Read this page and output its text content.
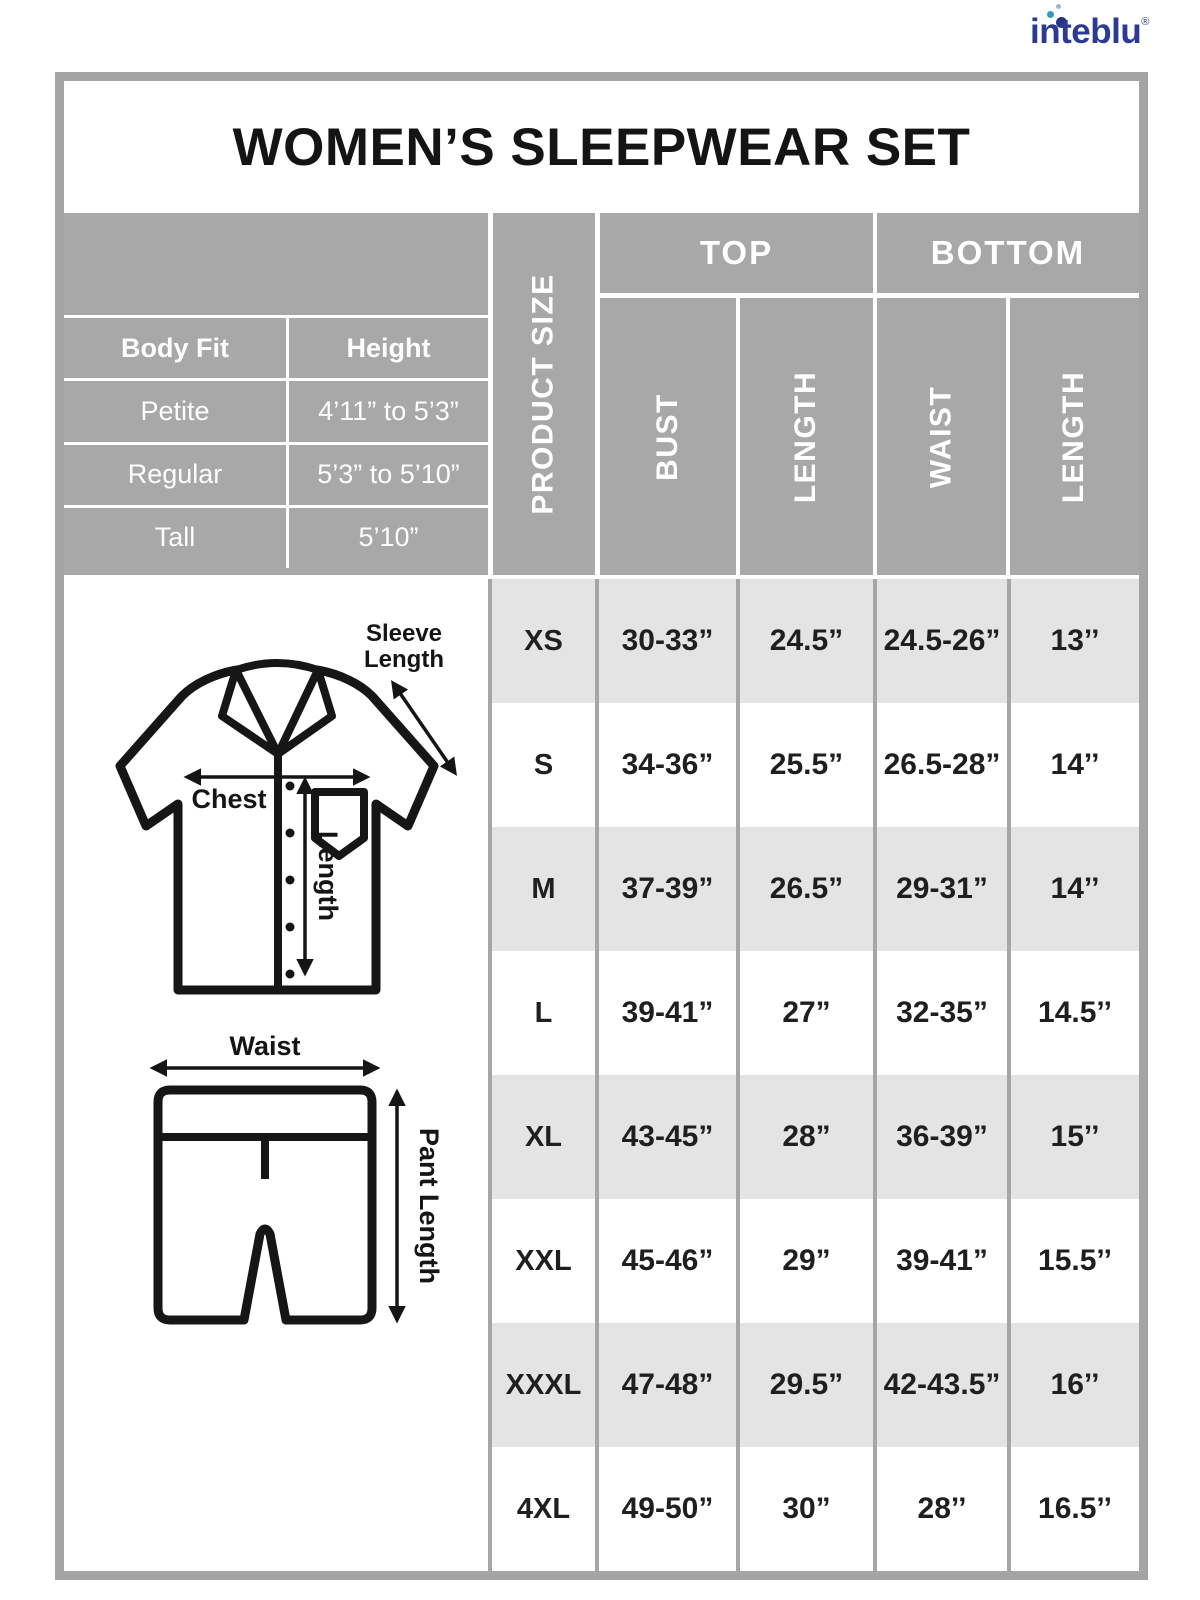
inteblu®
WOMEN’S SLEEPWEAR SET
Body Fit	Height
Petite	4’11” to 5’3”
Regular	5’3” to 5’10”
Tall	5’10”
PRODUCT SIZE
TOP	BOTTOM
BUST	LENGTH	WAIST	LENGTH
XS	30-33”	24.5”	24.5-26”	13’’
S	34-36”	25.5”	26.5-28”	14’’
M	37-39”	26.5”	29-31”	14’’
L	39-41”	27”	32-35”	14.5’’
XL	43-45”	28”	36-39”	15’’
XXL	45-46”	29”	39-41”	15.5’’
XXXL	47-48”	29.5”	42-43.5”	16’’
4XL	49-50”	30”	28’’	16.5’’
Sleeve
Length
Chest
Length
Waist
Pant Length
